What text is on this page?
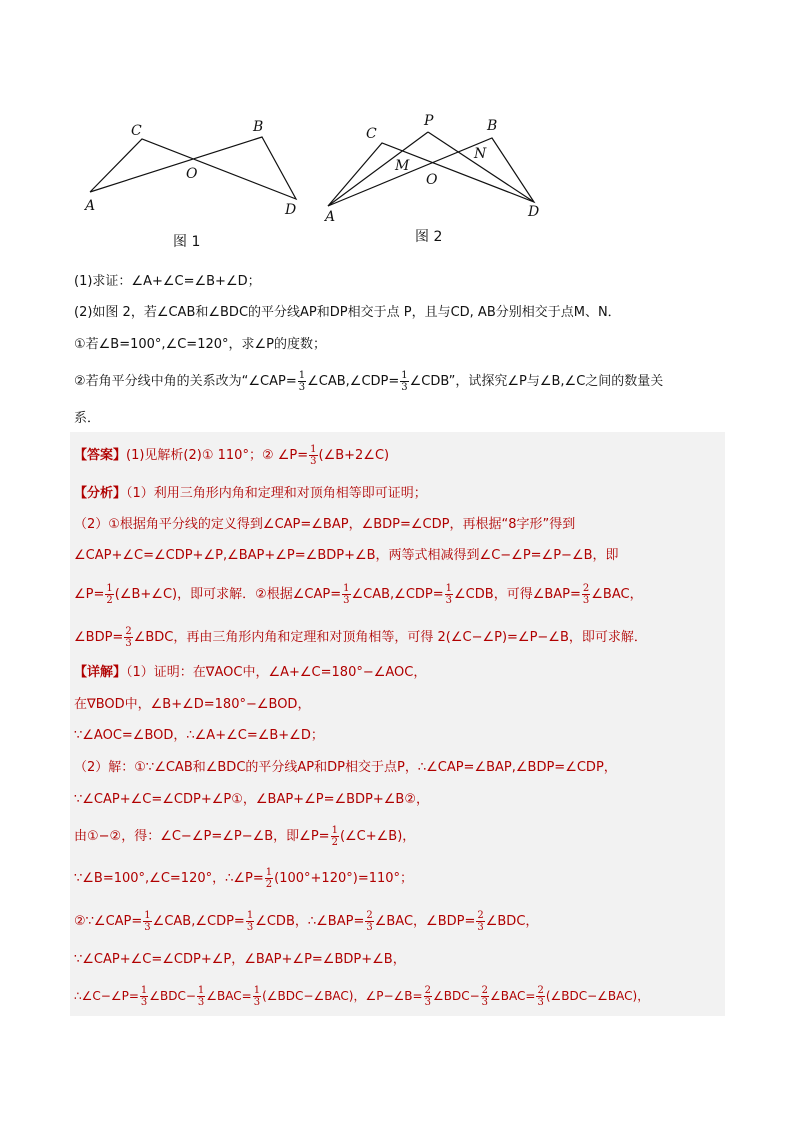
C	B
O
A	D
图 1
P
C	B
N
M
O
A	D
图 2
(1)求证：∠A+∠C=∠B+∠D；
(2)如图 2，若∠CAB和∠BDC的平分线AP和DP相交于点 P，且与CD, AB分别相交于点M、N．
①若∠B=100°,∠C=120°，求∠P的度数；
②若角平分线中角的关系改为“∠CAP= $\frac{1}{3}$ ∠CAB,∠CDP= $\frac{1}{3}$ ∠CDB”，试探究∠P与∠B,∠C之间的数量关
系．
【答案】(1)见解析(2)① 110°；② ∠P= $\frac{1}{3}$ (∠B+2∠C)
【分析】（1）利用三角形内角和定理和对顶角相等即可证明；
（2）①根据角平分线的定义得到∠CAP=∠BAP，∠BDP=∠CDP，再根据“8字形”得到
∠CAP+∠C=∠CDP+∠P,∠BAP+∠P=∠BDP+∠B，两等式相减得到∠C−∠P=∠P−∠B，即
∠P= $\frac{1}{2}$ (∠B+∠C)，即可求解．②根据∠CAP= $\frac{1}{3}$ ∠CAB,∠CDP= $\frac{1}{3}$ ∠CDB，可得∠BAP= $\frac{2}{3}$ ∠BAC，
∠BDP= $\frac{2}{3}$ ∠BDC，再由三角形内角和定理和对顶角相等，可得 2(∠C−∠P)=∠P−∠B，即可求解．
【详解】（1）证明：在∇AOC中，∠A+∠C=180°−∠AOC，
在∇BOD中，∠B+∠D=180°−∠BOD，
∵∠AOC=∠BOD，∴∠A+∠C=∠B+∠D；
（2）解：①∵∠CAB和∠BDC的平分线AP和DP相交于点P，∴∠CAP=∠BAP,∠BDP=∠CDP，
∵∠CAP+∠C=∠CDP+∠P①，∠BAP+∠P=∠BDP+∠B②，
由①−②，得：∠C−∠P=∠P−∠B，即∠P= $\frac{1}{2}$ (∠C+∠B)，
∵∠B=100°,∠C=120°，∴∠P= $\frac{1}{2} (100^\circ+120^\circ)=110^\circ$；
②∵∠CAP= $\frac{1}{3}$ ∠CAB,∠CDP= $\frac{1}{3}$ ∠CDB，∴∠BAP= $\frac{2}{3}$ ∠BAC，∠BDP= $\frac{2}{3}$ ∠BDC，
∵∠CAP+∠C=∠CDP+∠P，∠BAP+∠P=∠BDP+∠B，
∴∠C−∠P= $\frac{1}{3}$ ∠BDC− $\frac{1}{3}$ ∠BAC= $\frac{1}{3}$ (∠BDC−∠BAC)，∠P−∠B= $\frac{2}{3}$ ∠BDC− $\frac{2}{3}$ ∠BAC= $\frac{2}{3}$ (∠BDC−∠BAC)，
